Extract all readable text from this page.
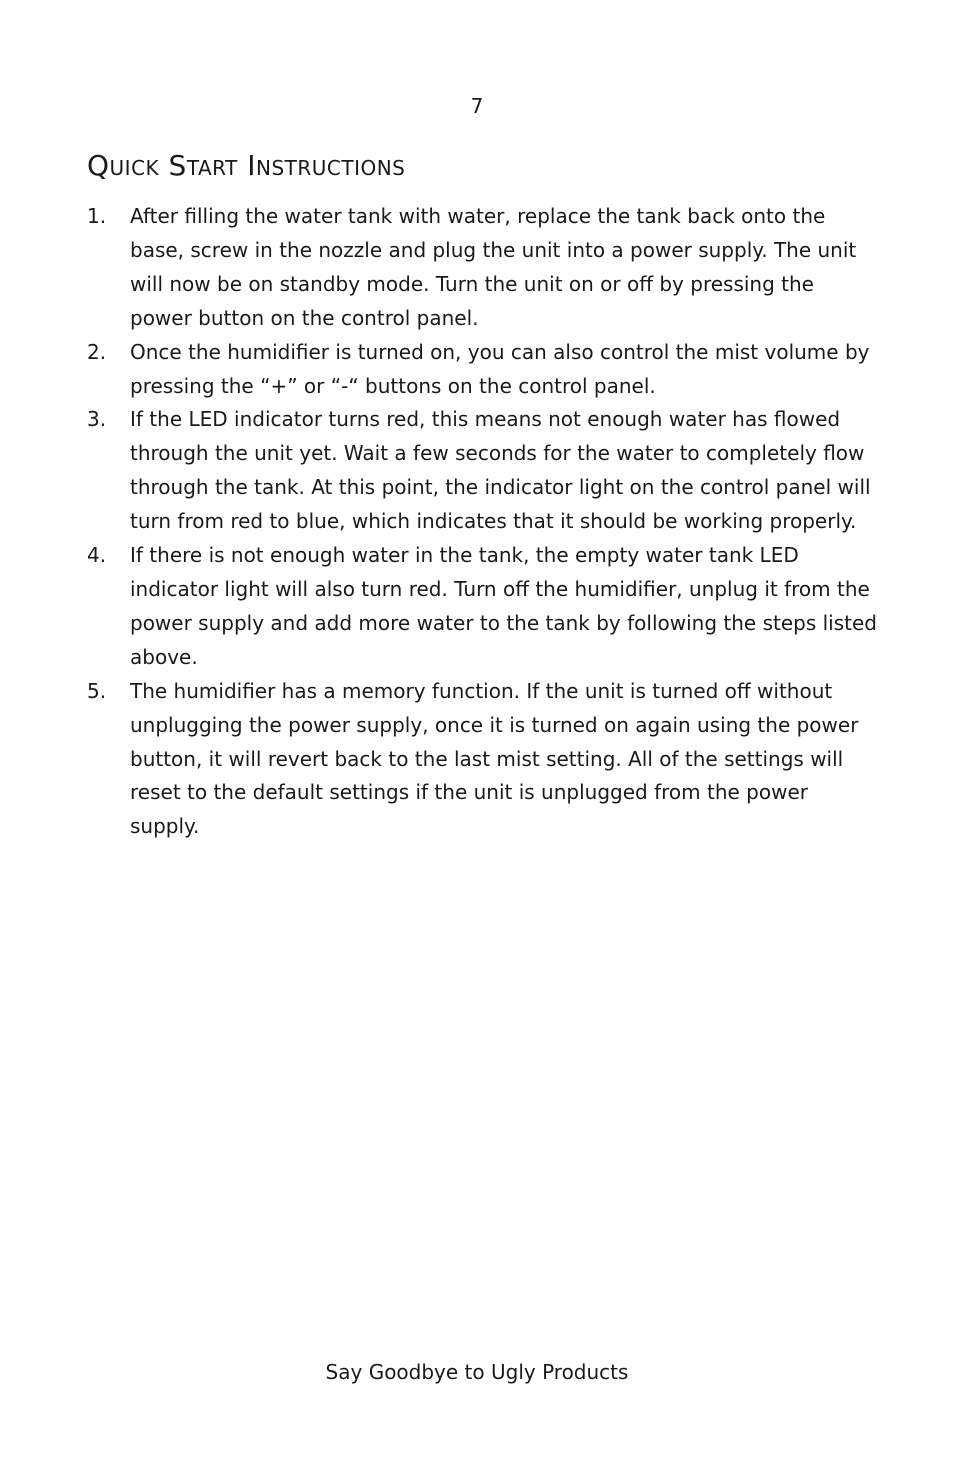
7
Quick Start Instructions
1.	After filling the water tank with water, replace the tank back onto the base, screw in the nozzle and plug the unit into a power supply. The unit will now be on standby mode. Turn the unit on or off by pressing the power button on the control panel.
2.	Once the humidifier is turned on, you can also control the mist volume by pressing the “+” or “-“ buttons on the control panel.
3.	If the LED indicator turns red, this means not enough water has flowed through the unit yet. Wait a few seconds for the water to completely flow through the tank. At this point, the indicator light on the control panel will turn from red to blue, which indicates that it should be working properly.
4.	If there is not enough water in the tank, the empty water tank LED indicator light will also turn red. Turn off the humidifier, unplug it from the power supply and add more water to the tank by following the steps listed above.
5.	The humidifier has a memory function. If the unit is turned off without unplugging the power supply, once it is turned on again using the power button, it will revert back to the last mist setting. All of the settings will reset to the default settings if the unit is unplugged from the power supply.
Say Goodbye to Ugly Products
